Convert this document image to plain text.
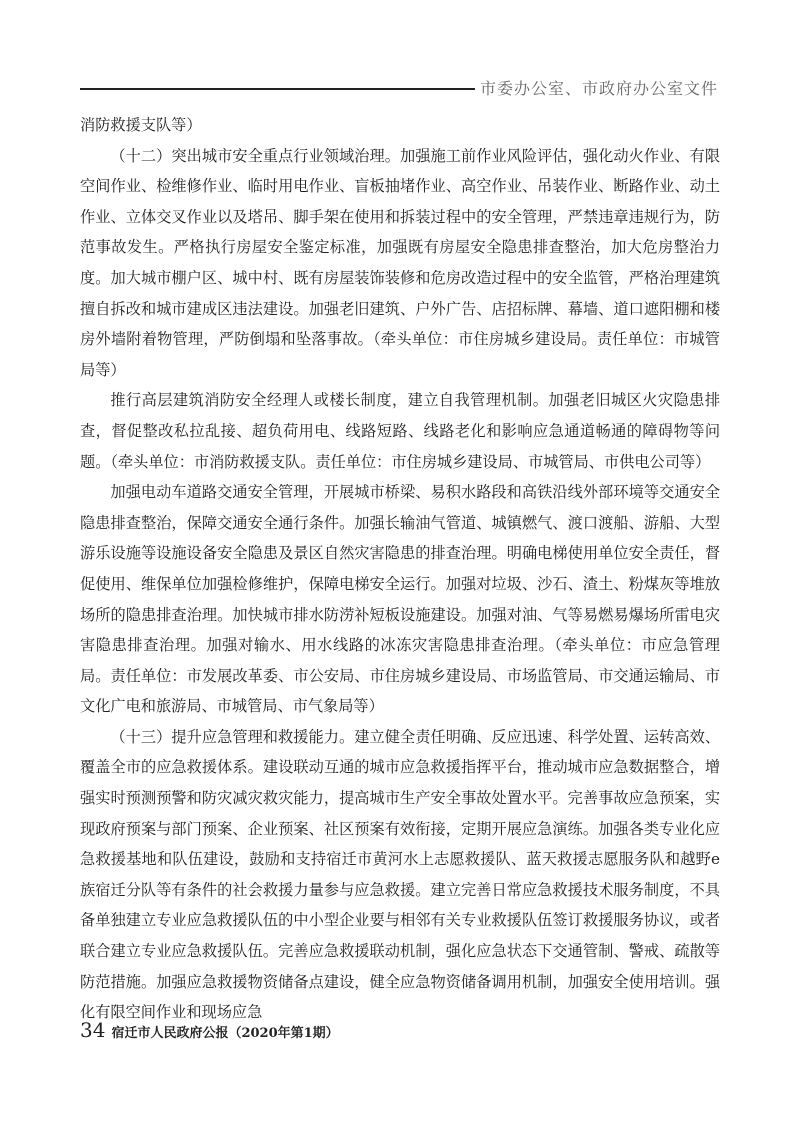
市委办公室、市政府办公室文件

消防救援支队等）

（十二）突出城市安全重点行业领域治理。加强施工前作业风险评估，强化动火作业、有限空间作业、检维修作业、临时用电作业、盲板抽堵作业、高空作业、吊装作业、断路作业、动土作业、立体交叉作业以及塔吊、脚手架在使用和拆装过程中的安全管理，严禁违章违规行为，防范事故发生。严格执行房屋安全鉴定标准，加强既有房屋安全隐患排查整治，加大危房整治力度。加大城市棚户区、城中村、既有房屋装饰装修和危房改造过程中的安全监管，严格治理建筑擅自拆改和城市建成区违法建设。加强老旧建筑、户外广告、店招标牌、幕墙、道口遮阳棚和楼房外墙附着物管理，严防倒塌和坠落事故。（牵头单位：市住房城乡建设局。责任单位：市城管局等）

推行高层建筑消防安全经理人或楼长制度，建立自我管理机制。加强老旧城区火灾隐患排查，督促整改私拉乱接、超负荷用电、线路短路、线路老化和影响应急通道畅通的障碍物等问题。（牵头单位：市消防救援支队。责任单位：市住房城乡建设局、市城管局、市供电公司等）

加强电动车道路交通安全管理，开展城市桥梁、易积水路段和高铁沿线外部环境等交通安全隐患排查整治，保障交通安全通行条件。加强长输油气管道、城镇燃气、渡口渡船、游船、大型游乐设施等设施设备安全隐患及景区自然灾害隐患的排查治理。明确电梯使用单位安全责任，督促使用、维保单位加强检修维护，保障电梯安全运行。加强对垃圾、沙石、渣土、粉煤灰等堆放场所的隐患排查治理。加快城市排水防涝补短板设施建设。加强对油、气等易燃易爆场所雷电灾害隐患排查治理。加强对输水、用水线路的冰冻灾害隐患排查治理。（牵头单位：市应急管理局。责任单位：市发展改革委、市公安局、市住房城乡建设局、市场监管局、市交通运输局、市文化广电和旅游局、市城管局、市气象局等）

（十三）提升应急管理和救援能力。建立健全责任明确、反应迅速、科学处置、运转高效、覆盖全市的应急救援体系。建设联动互通的城市应急救援指挥平台，推动城市应急数据整合，增强实时预测预警和防灾减灾救灾能力，提高城市生产安全事故处置水平。完善事故应急预案，实现政府预案与部门预案、企业预案、社区预案有效衔接，定期开展应急演练。加强各类专业化应急救援基地和队伍建设，鼓励和支持宿迁市黄河水上志愿救援队、蓝天救援志愿服务队和越野e族宿迁分队等有条件的社会救援力量参与应急救援。建立完善日常应急救援技术服务制度，不具备单独建立专业应急救援队伍的中小型企业要与相邻有关专业救援队伍签订救援服务协议，或者联合建立专业应急救援队伍。完善应急救援联动机制，强化应急状态下交通管制、警戒、疏散等防范措施。加强应急救援物资储备点建设，健全应急物资储备调用机制，加强安全使用培训。强化有限空间作业和现场应急

34 宿迁市人民政府公报（2020年第1期）
